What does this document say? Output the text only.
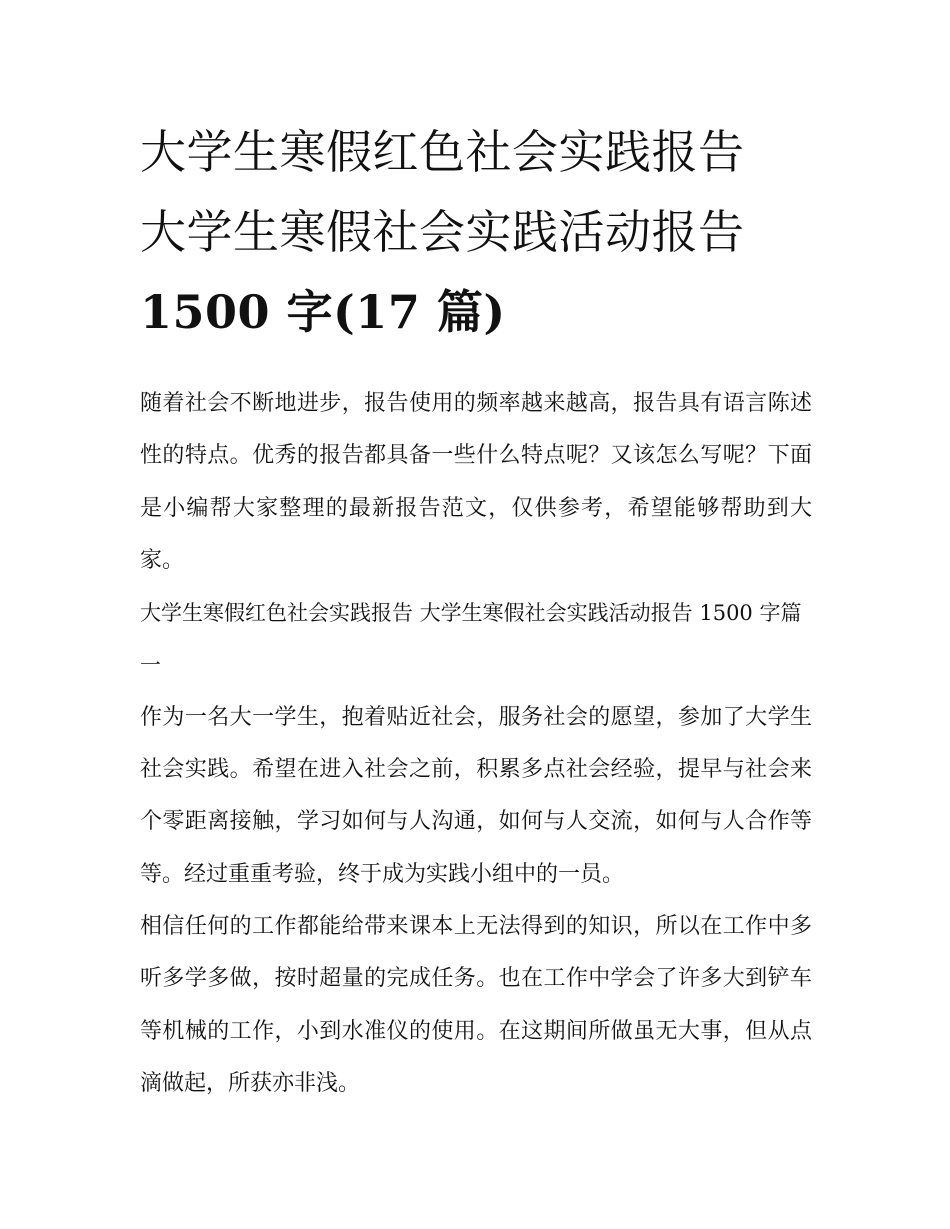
大学生寒假红色社会实践报告
大学生寒假社会实践活动报告
1500 字(17 篇)

随着社会不断地进步，报告使用的频率越来越高，报告具有语言陈述性的特点。优秀的报告都具备一些什么特点呢？又该怎么写呢？下面是小编帮大家整理的最新报告范文，仅供参考，希望能够帮助到大家。

大学生寒假红色社会实践报告 大学生寒假社会实践活动报告 1500 字篇一

作为一名大一学生，抱着贴近社会，服务社会的愿望，参加了大学生社会实践。希望在进入社会之前，积累多点社会经验，提早与社会来个零距离接触，学习如何与人沟通，如何与人交流，如何与人合作等等。经过重重考验，终于成为实践小组中的一员。

相信任何的工作都能给带来课本上无法得到的知识，所以在工作中多听多学多做，按时超量的完成任务。也在工作中学会了许多大到铲车等机械的工作，小到水准仪的使用。在这期间所做虽无大事，但从点滴做起，所获亦非浅。
